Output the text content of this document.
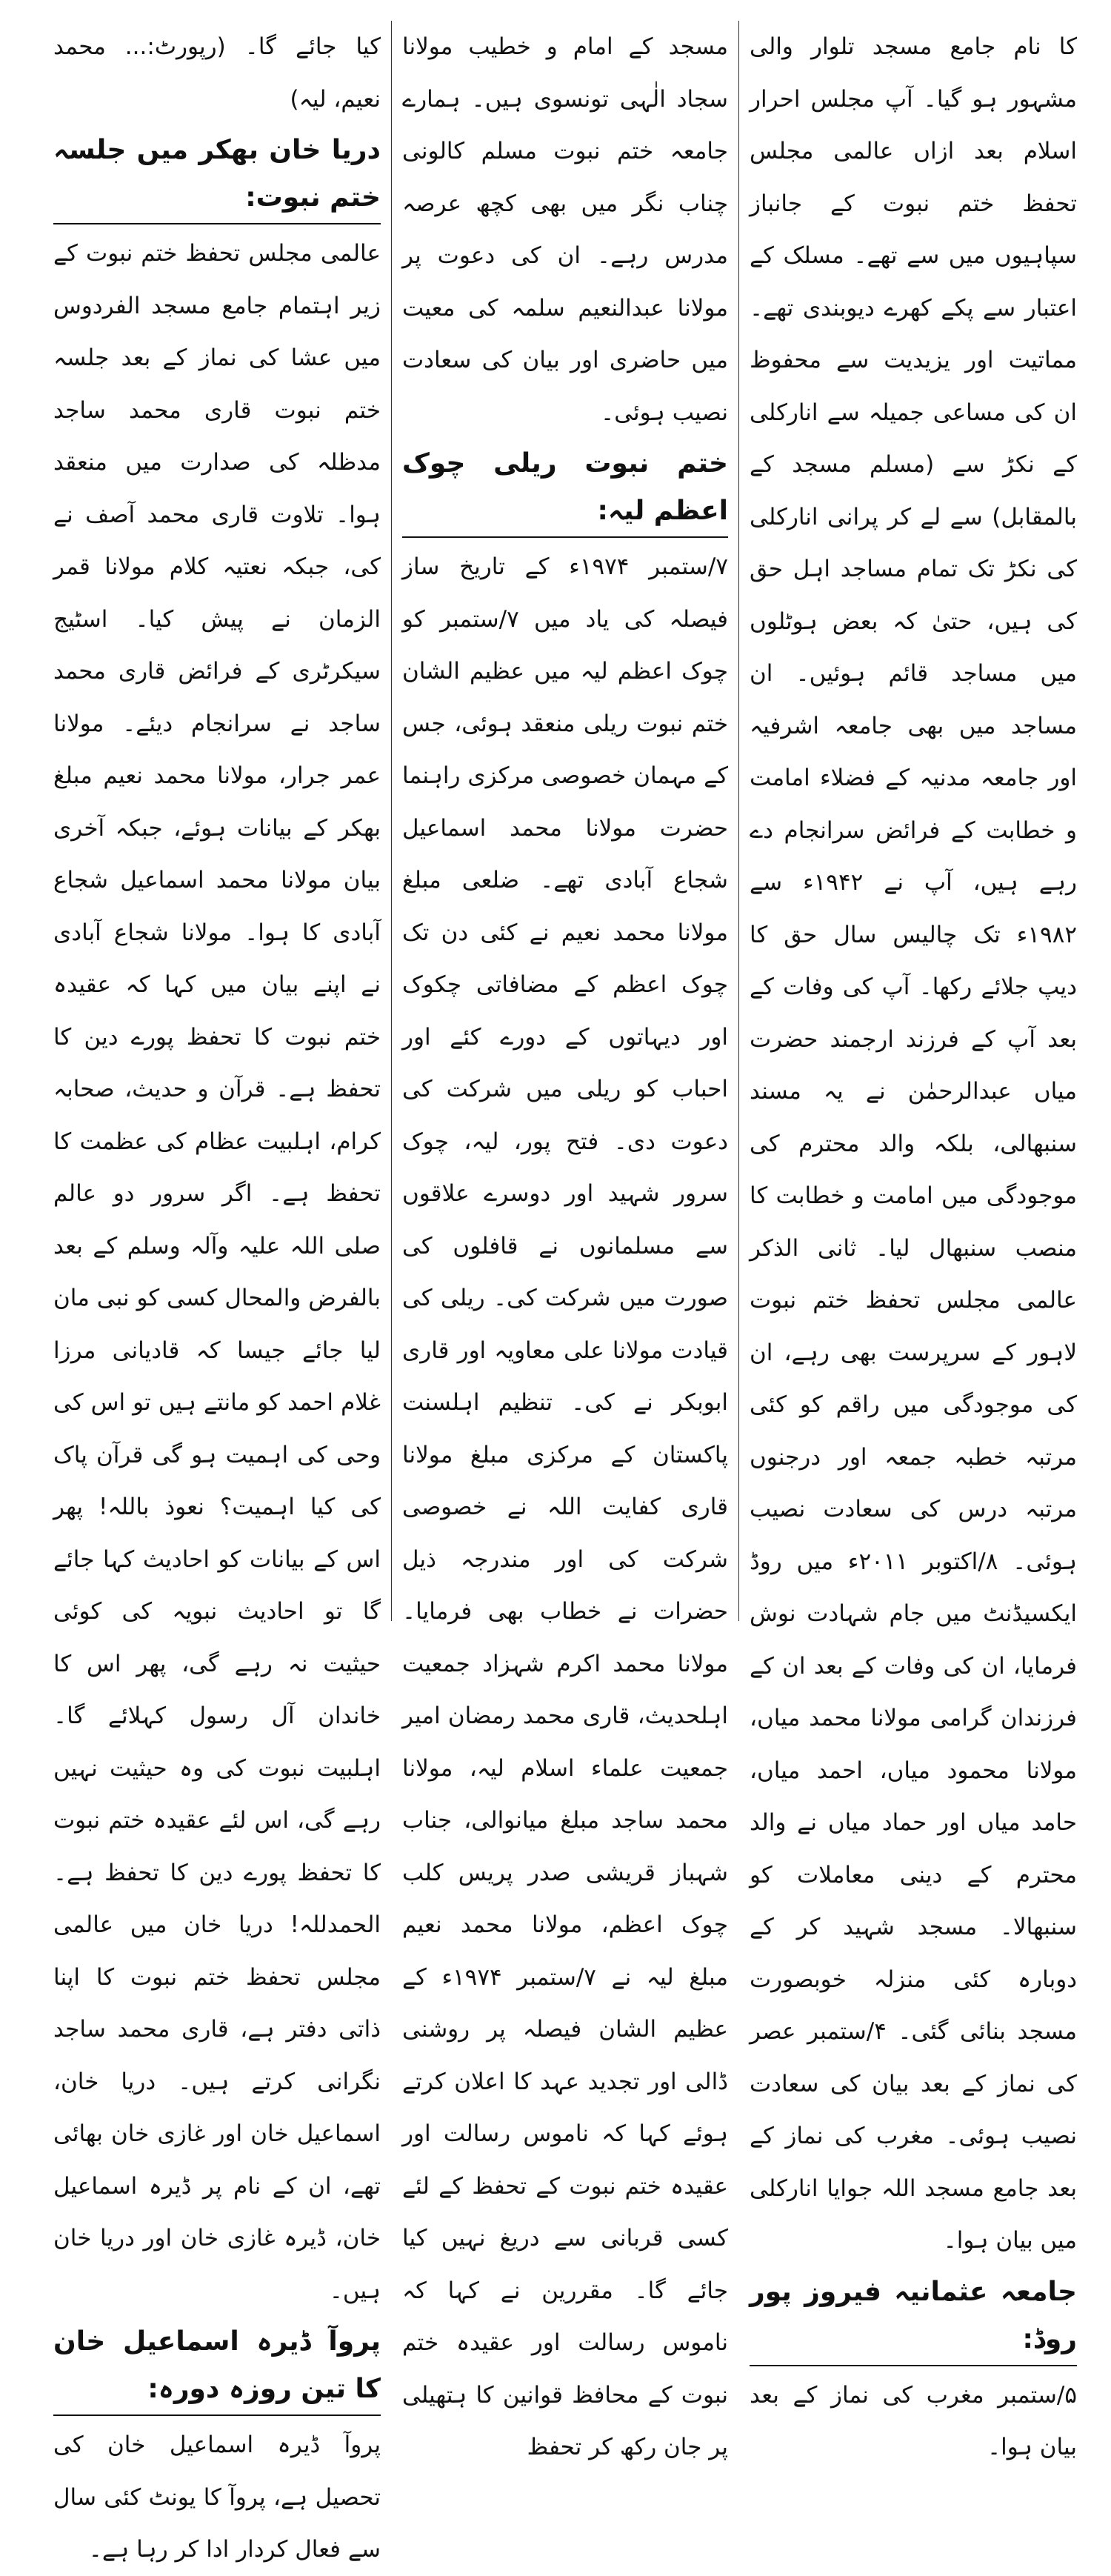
کا نام جامع مسجد تلوار والی مشہور ہو گیا۔ آپ مجلس احرار اسلام بعد ازاں عالمی مجلس تحفظ ختم نبوت کے جانباز سپاہیوں میں سے تھے۔ مسلک کے اعتبار سے پکے کھرے دیوبندی تھے۔ مماتیت اور یزیدیت سے محفوظ ان کی مساعی جمیلہ سے انارکلی کے نکڑ سے (مسلم مسجد کے بالمقابل) سے لے کر پرانی انارکلی کی نکڑ تک تمام مساجد اہل حق کی ہیں، حتیٰ کہ بعض ہوٹلوں میں مساجد قائم ہوئیں۔ ان مساجد میں بھی جامعہ اشرفیہ اور جامعہ مدنیہ کے فضلاء امامت و خطابت کے فرائض سرانجام دے رہے ہیں، آپ نے ۱۹۴۲ء سے ۱۹۸۲ء تک چالیس سال حق کا دیپ جلائے رکھا۔ آپ کی وفات کے بعد آپ کے فرزند ارجمند حضرت میاں عبدالرحمٰن نے یہ مسند سنبھالی، بلکہ والد محترم کی موجودگی میں امامت و خطابت کا منصب سنبھال لیا۔ ثانی الذکر عالمی مجلس تحفظ ختم نبوت لاہور کے سرپرست بھی رہے، ان کی موجودگی میں راقم کو کئی مرتبہ خطبہ جمعہ اور درجنوں مرتبہ درس کی سعادت نصیب ہوئی۔ ۸/اکتوبر ۲۰۱۱ء میں روڈ ایکسیڈنٹ میں جام شہادت نوش فرمایا، ان کی وفات کے بعد ان کے فرزندان گرامی مولانا محمد میاں، مولانا محمود میاں، احمد میاں، حامد میاں اور حماد میاں نے والد محترم کے دینی معاملات کو سنبھالا۔ مسجد شہید کر کے دوبارہ کئی منزلہ خوبصورت مسجد بنائی گئی۔ ۴/ستمبر عصر کی نماز کے بعد بیان کی سعادت نصیب ہوئی۔ مغرب کی نماز کے بعد جامع مسجد اللہ جوایا انارکلی میں بیان ہوا۔

جامعہ عثمانیہ فیروز پور روڈ:

۵/ستمبر مغرب کی نماز کے بعد بیان ہوا۔

مسجد کے امام و خطیب مولانا سجاد الٰہی تونسوی ہیں۔ ہمارے جامعہ ختم نبوت مسلم کالونی چناب نگر میں بھی کچھ عرصہ مدرس رہے۔ ان کی دعوت پر مولانا عبدالنعیم سلمہ کی معیت میں حاضری اور بیان کی سعادت نصیب ہوئی۔

ختم نبوت ریلی چوک اعظم لیہ:

۷/ستمبر ۱۹۷۴ء کے تاریخ ساز فیصلہ کی یاد میں ۷/ستمبر کو چوک اعظم لیہ میں عظیم الشان ختم نبوت ریلی منعقد ہوئی، جس کے مہمان خصوصی مرکزی راہنما حضرت مولانا محمد اسماعیل شجاع آبادی تھے۔ ضلعی مبلغ مولانا محمد نعیم نے کئی دن تک چوک اعظم کے مضافاتی چکوک اور دیہاتوں کے دورے کئے اور احباب کو ریلی میں شرکت کی دعوت دی۔ فتح پور، لیہ، چوک سرور شہید اور دوسرے علاقوں سے مسلمانوں نے قافلوں کی صورت میں شرکت کی۔ ریلی کی قیادت مولانا علی معاویہ اور قاری ابوبکر نے کی۔ تنظیم اہلسنت پاکستان کے مرکزی مبلغ مولانا قاری کفایت اللہ نے خصوصی شرکت کی اور مندرجہ ذیل حضرات نے خطاب بھی فرمایا۔ مولانا محمد اکرم شہزاد جمعیت اہلحدیث، قاری محمد رمضان امیر جمعیت علماء اسلام لیہ، مولانا محمد ساجد مبلغ میانوالی، جناب شہباز قریشی صدر پریس کلب چوک اعظم، مولانا محمد نعیم مبلغ لیہ نے ۷/ستمبر ۱۹۷۴ء کے عظیم الشان فیصلہ پر روشنی ڈالی اور تجدید عہد کا اعلان کرتے ہوئے کہا کہ ناموس رسالت اور عقیدہ ختم نبوت کے تحفظ کے لئے کسی قربانی سے دریغ نہیں کیا جائے گا۔ مقررین نے کہا کہ ناموس رسالت اور عقیدہ ختم نبوت کے محافظ قوانین کا ہتھیلی پر جان رکھ کر تحفظ

کیا جائے گا۔ (رپورٹ:... محمد نعیم، لیہ)

دریا خان بھکر میں جلسہ ختم نبوت:

عالمی مجلس تحفظ ختم نبوت کے زیر اہتمام جامع مسجد الفردوس میں عشا کی نماز کے بعد جلسہ ختم نبوت قاری محمد ساجد مدظلہ کی صدارت میں منعقد ہوا۔ تلاوت قاری محمد آصف نے کی، جبکہ نعتیہ کلام مولانا قمر الزمان نے پیش کیا۔ اسٹیج سیکرٹری کے فرائض قاری محمد ساجد نے سرانجام دیئے۔ مولانا عمر جرار، مولانا محمد نعیم مبلغ بھکر کے بیانات ہوئے، جبکہ آخری بیان مولانا محمد اسماعیل شجاع آبادی کا ہوا۔ مولانا شجاع آبادی نے اپنے بیان میں کہا کہ عقیدہ ختم نبوت کا تحفظ پورے دین کا تحفظ ہے۔ قرآن و حدیث، صحابہ کرام، اہلبیت عظام کی عظمت کا تحفظ ہے۔ اگر سرور دو عالم صلی اللہ علیہ وآلہ وسلم کے بعد بالفرض والمحال کسی کو نبی مان لیا جائے جیسا کہ قادیانی مرزا غلام احمد کو مانتے ہیں تو اس کی وحی کی اہمیت ہو گی قرآن پاک کی کیا اہمیت؟ نعوذ باللہ! پھر اس کے بیانات کو احادیث کہا جائے گا تو احادیث نبویہ کی کوئی حیثیت نہ رہے گی، پھر اس کا خاندان آل رسول کہلائے گا۔ اہلبیت نبوت کی وہ حیثیت نہیں رہے گی، اس لئے عقیدہ ختم نبوت کا تحفظ پورے دین کا تحفظ ہے۔ الحمدللہ! دریا خان میں عالمی مجلس تحفظ ختم نبوت کا اپنا ذاتی دفتر ہے، قاری محمد ساجد نگرانی کرتے ہیں۔ دریا خان، اسماعیل خان اور غازی خان بھائی تھے، ان کے نام پر ڈیرہ اسماعیل خان، ڈیرہ غازی خان اور دریا خان ہیں۔

پروآ ڈیرہ اسماعیل خان کا تین روزہ دورہ:

پروآ ڈیرہ اسماعیل خان کی تحصیل ہے، پروآ کا یونٹ کئی سال سے فعال کردار ادا کر رہا ہے۔
